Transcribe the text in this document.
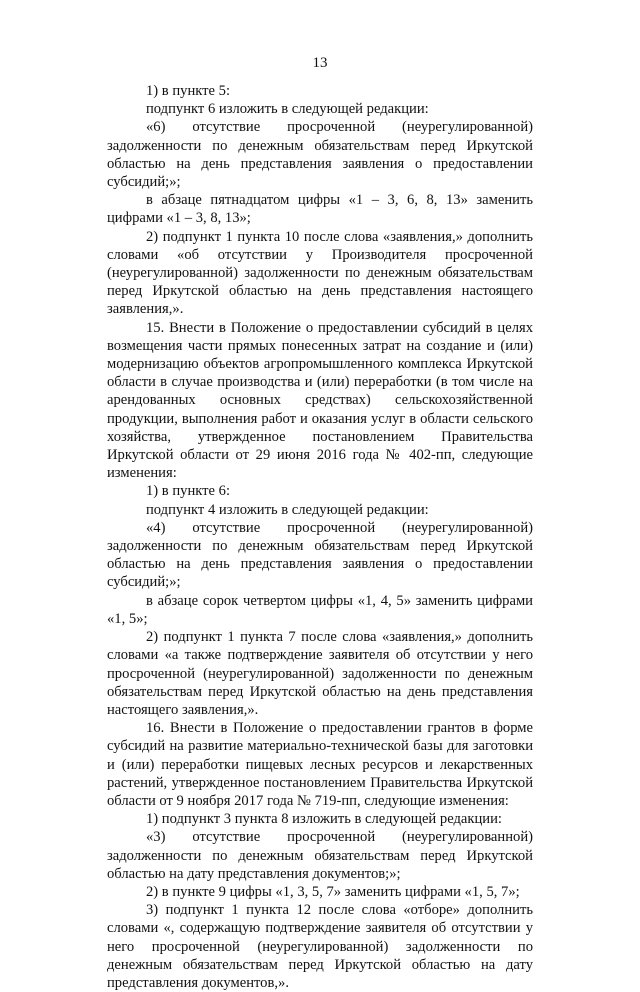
13

1) в пункте 5:

подпункт 6 изложить в следующей редакции:

«6) отсутствие просроченной (неурегулированной) задолженности по денежным обязательствам перед Иркутской областью на день представления заявления о предоставлении субсидий;»;

в абзаце пятнадцатом цифры «1 – 3, 6, 8, 13» заменить цифрами «1 – 3, 8, 13»;

2) подпункт 1 пункта 10 после слова «заявления,» дополнить словами «об отсутствии у Производителя просроченной (неурегулированной) задолженности по денежным обязательствам перед Иркутской областью на день представления настоящего заявления,».

15. Внести в Положение о предоставлении субсидий в целях возмещения части прямых понесенных затрат на создание и (или) модернизацию объектов агропромышленного комплекса Иркутской области в случае производства и (или) переработки (в том числе на арендованных основных средствах) сельскохозяйственной продукции, выполнения работ и оказания услуг в области сельского хозяйства, утвержденное постановлением Правительства Иркутской области от 29 июня 2016 года № 402-пп, следующие изменения:

1) в пункте 6:

подпункт 4 изложить в следующей редакции:

«4) отсутствие просроченной (неурегулированной) задолженности по денежным обязательствам перед Иркутской областью на день представления заявления о предоставлении субсидий;»;

в абзаце сорок четвертом цифры «1, 4, 5» заменить цифрами «1, 5»;

2) подпункт 1 пункта 7 после слова «заявления,» дополнить словами «а также подтверждение заявителя об отсутствии у него просроченной (неурегулированной) задолженности по денежным обязательствам перед Иркутской областью на день представления настоящего заявления,».

16. Внести в Положение о предоставлении грантов в форме субсидий на развитие материально-технической базы для заготовки и (или) переработки пищевых лесных ресурсов и лекарственных растений, утвержденное постановлением Правительства Иркутской области от 9 ноября 2017 года № 719-пп, следующие изменения:

1) подпункт 3 пункта 8 изложить в следующей редакции:

«3) отсутствие просроченной (неурегулированной) задолженности по денежным обязательствам перед Иркутской областью на дату представления документов;»;

2) в пункте 9 цифры «1, 3, 5, 7» заменить цифрами «1, 5, 7»;

3) подпункт 1 пункта 12 после слова «отборе» дополнить словами «, содержащую подтверждение заявителя об отсутствии у него просроченной (неурегулированной) задолженности по денежным обязательствам перед Иркутской областью на дату представления документов,».
